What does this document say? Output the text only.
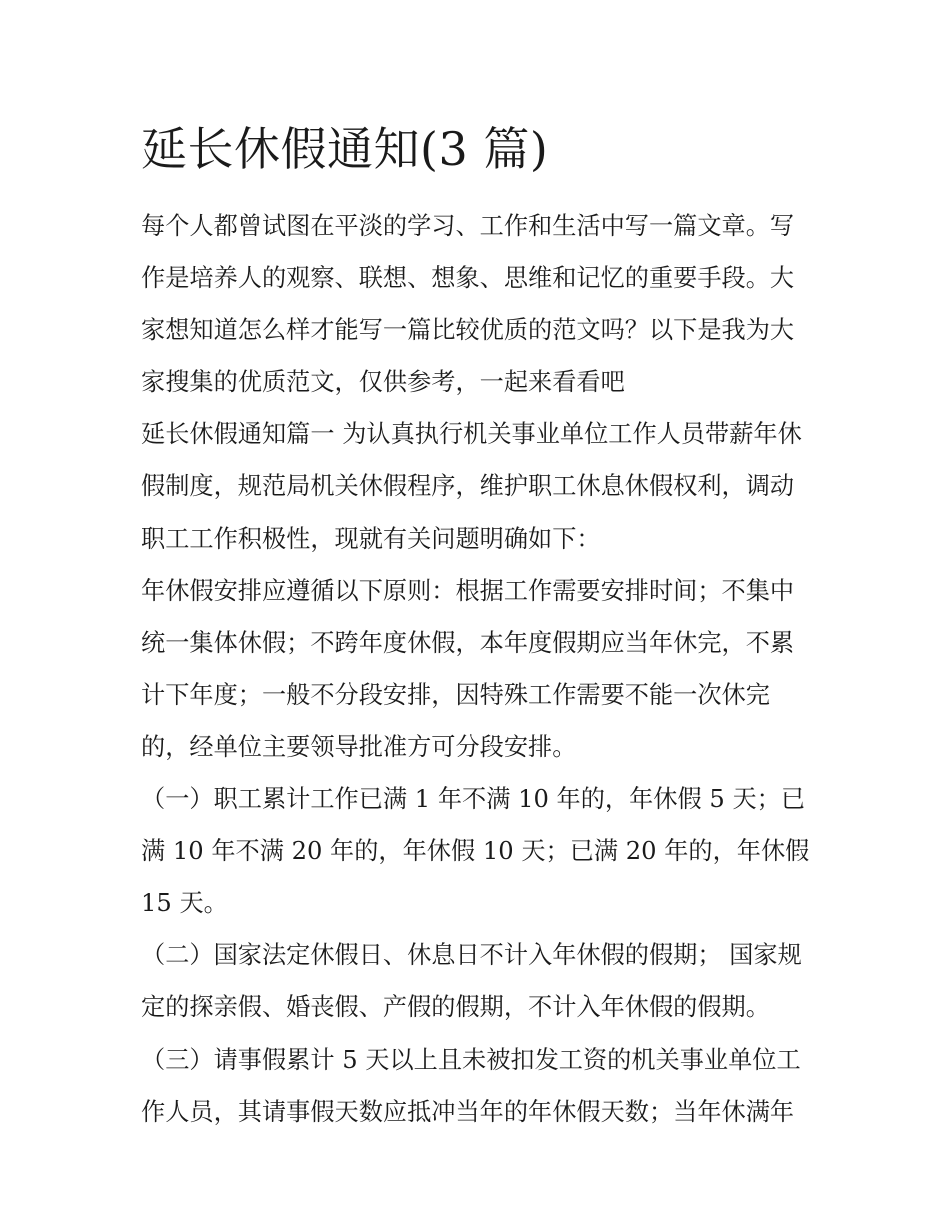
延长休假通知(3 篇)

每个人都曾试图在平淡的学习、工作和生活中写一篇文章。写作是培养人的观察、联想、想象、思维和记忆的重要手段。大家想知道怎么样才能写一篇比较优质的范文吗？以下是我为大家搜集的优质范文，仅供参考，一起来看看吧

延长休假通知篇一 为认真执行机关事业单位工作人员带薪年休假制度，规范局机关休假程序，维护职工休息休假权利，调动职工工作积极性，现就有关问题明确如下：

年休假安排应遵循以下原则：根据工作需要安排时间；不集中统一集体休假；不跨年度休假，本年度假期应当年休完，不累计下年度；一般不分段安排，因特殊工作需要不能一次休完的，经单位主要领导批准方可分段安排。

（一）职工累计工作已满 1 年不满 10 年的，年休假 5 天；已满 10 年不满 20 年的，年休假 10 天；已满 20 年的，年休假 15 天。

（二）国家法定休假日、休息日不计入年休假的假期； 国家规定的探亲假、婚丧假、产假的假期，不计入年休假的假期。

（三）请事假累计 5 天以上且未被扣发工资的机关事业单位工作人员，其请事假天数应抵冲当年的年休假天数；当年休满年
